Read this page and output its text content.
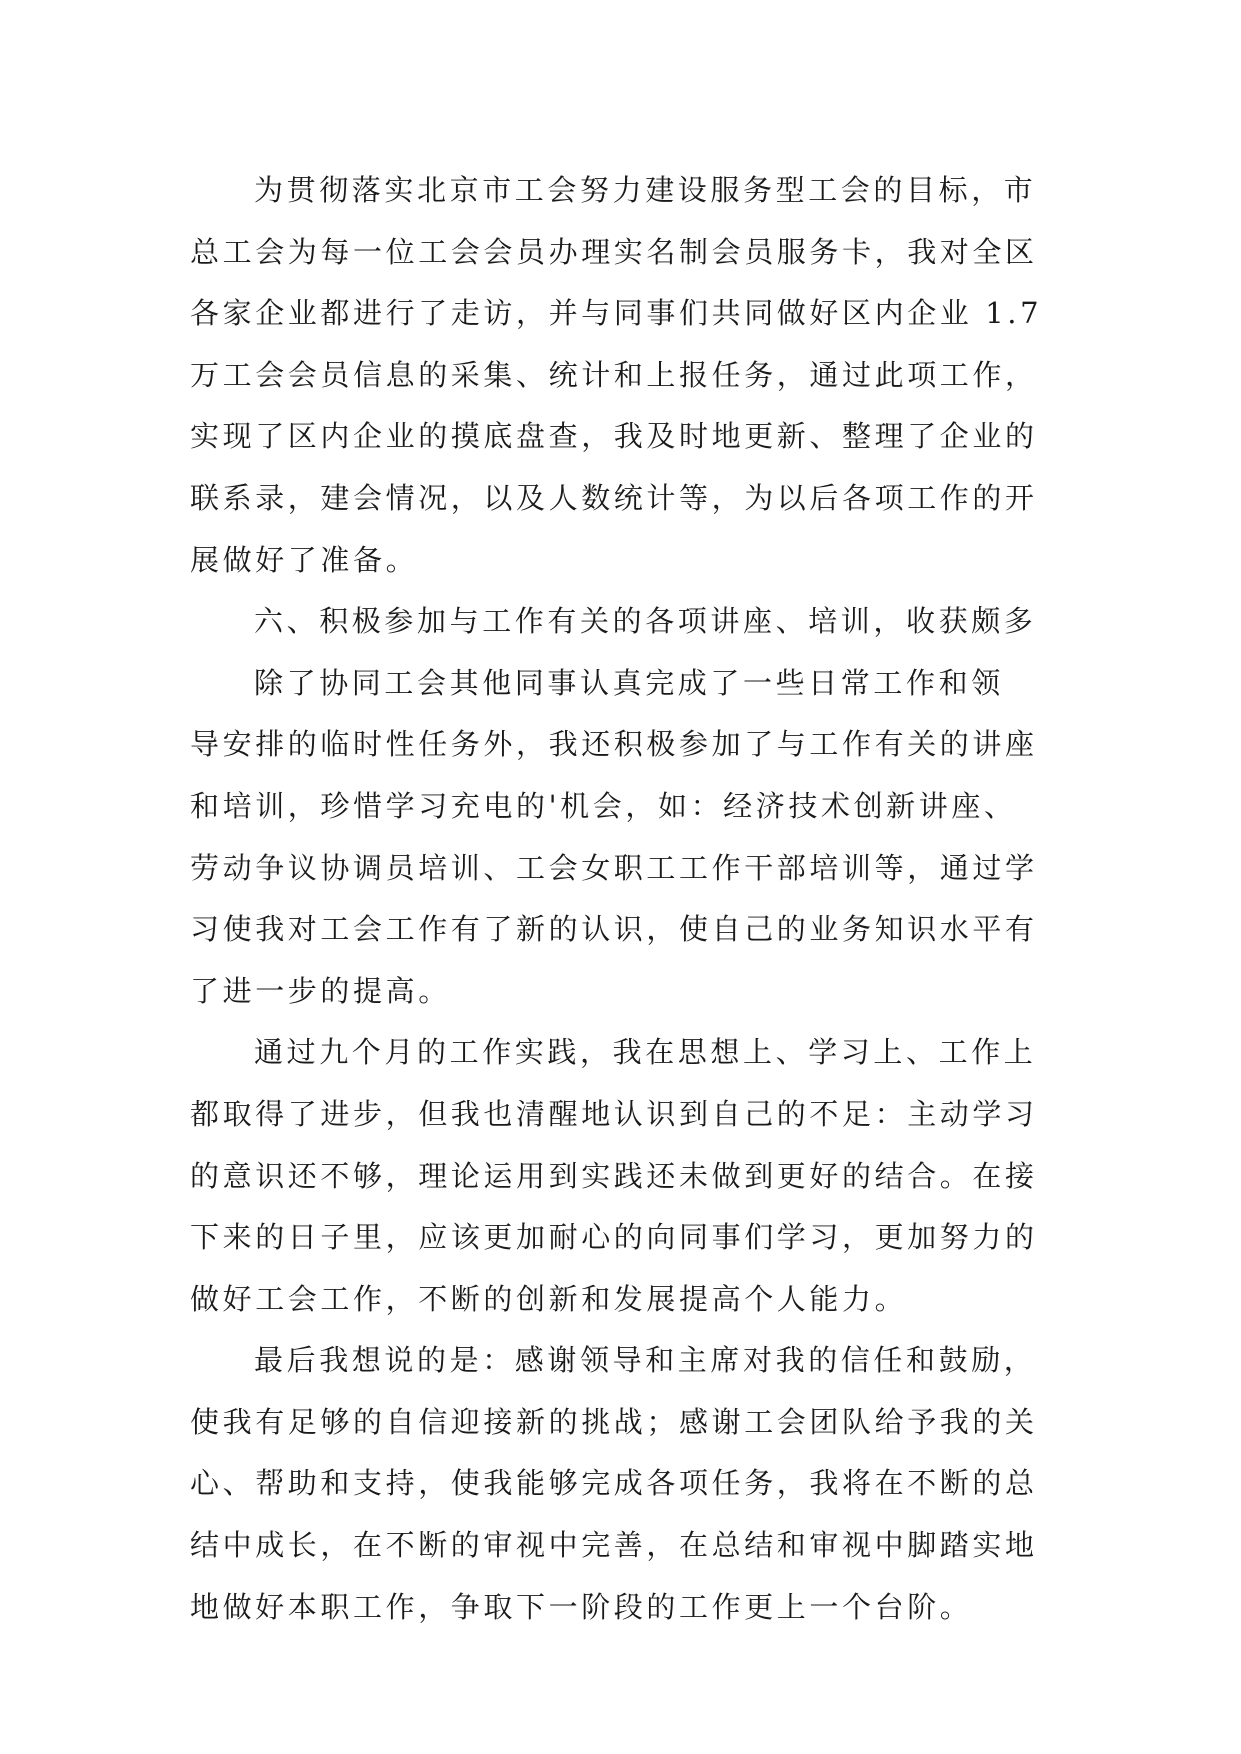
为贯彻落实北京市工会努力建设服务型工会的目标，市
总工会为每一位工会会员办理实名制会员服务卡，我对全区
各家企业都进行了走访，并与同事们共同做好区内企业 1.7
万工会会员信息的采集、统计和上报任务，通过此项工作，
实现了区内企业的摸底盘查，我及时地更新、整理了企业的
联系录，建会情况，以及人数统计等，为以后各项工作的开
展做好了准备。
六、积极参加与工作有关的各项讲座、培训，收获颇多
除了协同工会其他同事认真完成了一些日常工作和领
导安排的临时性任务外，我还积极参加了与工作有关的讲座
和培训，珍惜学习充电的'机会，如：经济技术创新讲座、
劳动争议协调员培训、工会女职工工作干部培训等，通过学
习使我对工会工作有了新的认识，使自己的业务知识水平有
了进一步的提高。
通过九个月的工作实践，我在思想上、学习上、工作上
都取得了进步，但我也清醒地认识到自己的不足：主动学习
的意识还不够，理论运用到实践还未做到更好的结合。在接
下来的日子里，应该更加耐心的向同事们学习，更加努力的
做好工会工作，不断的创新和发展提高个人能力。
最后我想说的是：感谢领导和主席对我的信任和鼓励，
使我有足够的自信迎接新的挑战；感谢工会团队给予我的关
心、帮助和支持，使我能够完成各项任务，我将在不断的总
结中成长，在不断的审视中完善，在总结和审视中脚踏实地
地做好本职工作，争取下一阶段的工作更上一个台阶。
